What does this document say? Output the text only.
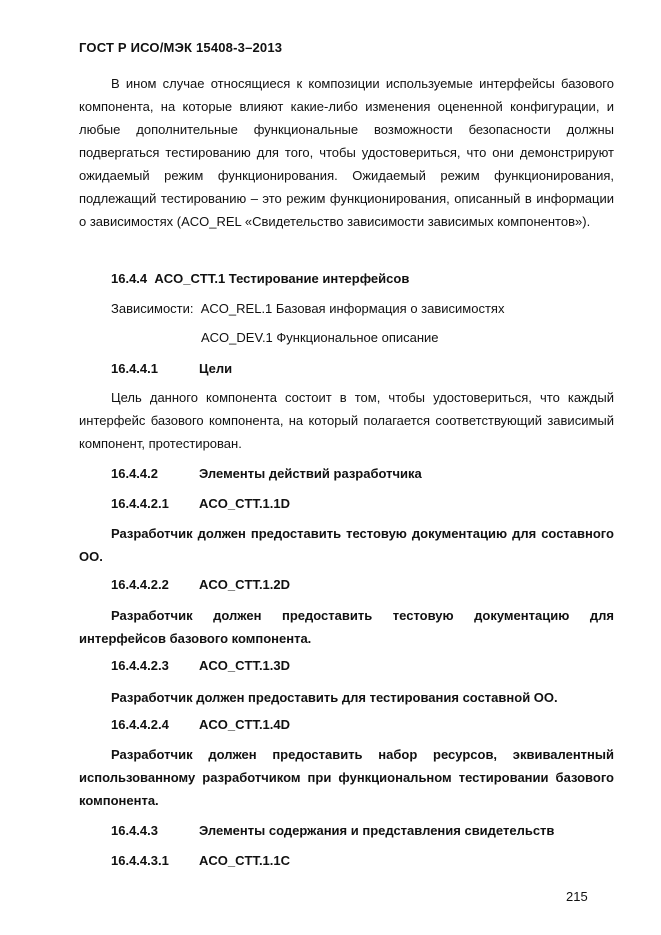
ГОСТ Р ИСО/МЭК 15408-3–2013

В ином случае относящиеся к композиции используемые интерфейсы базового компонента, на которые влияют какие-либо изменения оцененной конфигурации, и любые дополнительные функциональные возможности безопасности должны подвергаться тестированию для того, чтобы удостовериться, что они демонстрируют ожидаемый режим функционирования. Ожидаемый режим функционирования, подлежащий тестированию – это режим функционирования, описанный в информации о зависимостях (ACO_REL «Свидетельство зависимости зависимых компонентов»).

16.4.4 ACO_CTT.1 Тестирование интерфейсов
Зависимости: ACO_REL.1 Базовая информация о зависимостях
ACO_DEV.1 Функциональное описание
16.4.4.1	Цели

Цель данного компонента состоит в том, чтобы удостовериться, что каждый интерфейс базового компонента, на который полагается соответствующий зависимый компонент, протестирован.

16.4.4.2	Элементы действий разработчика
16.4.4.2.1 ACO_CTT.1.1D

Разработчик должен предоставить тестовую документацию для составного ОО.

16.4.4.2.2 ACO_CTT.1.2D

Разработчик должен предоставить тестовую документацию для интерфейсов базового компонента.

16.4.4.2.3 ACO_CTT.1.3D

Разработчик должен предоставить для тестирования составной ОО.

16.4.4.2.4 ACO_CTT.1.4D

Разработчик должен предоставить набор ресурсов, эквивалентный использованному разработчиком при функциональном тестировании базового компонента.

16.4.4.3	Элементы содержания и представления свидетельств
16.4.4.3.1 ACO_CTT.1.1C
215
